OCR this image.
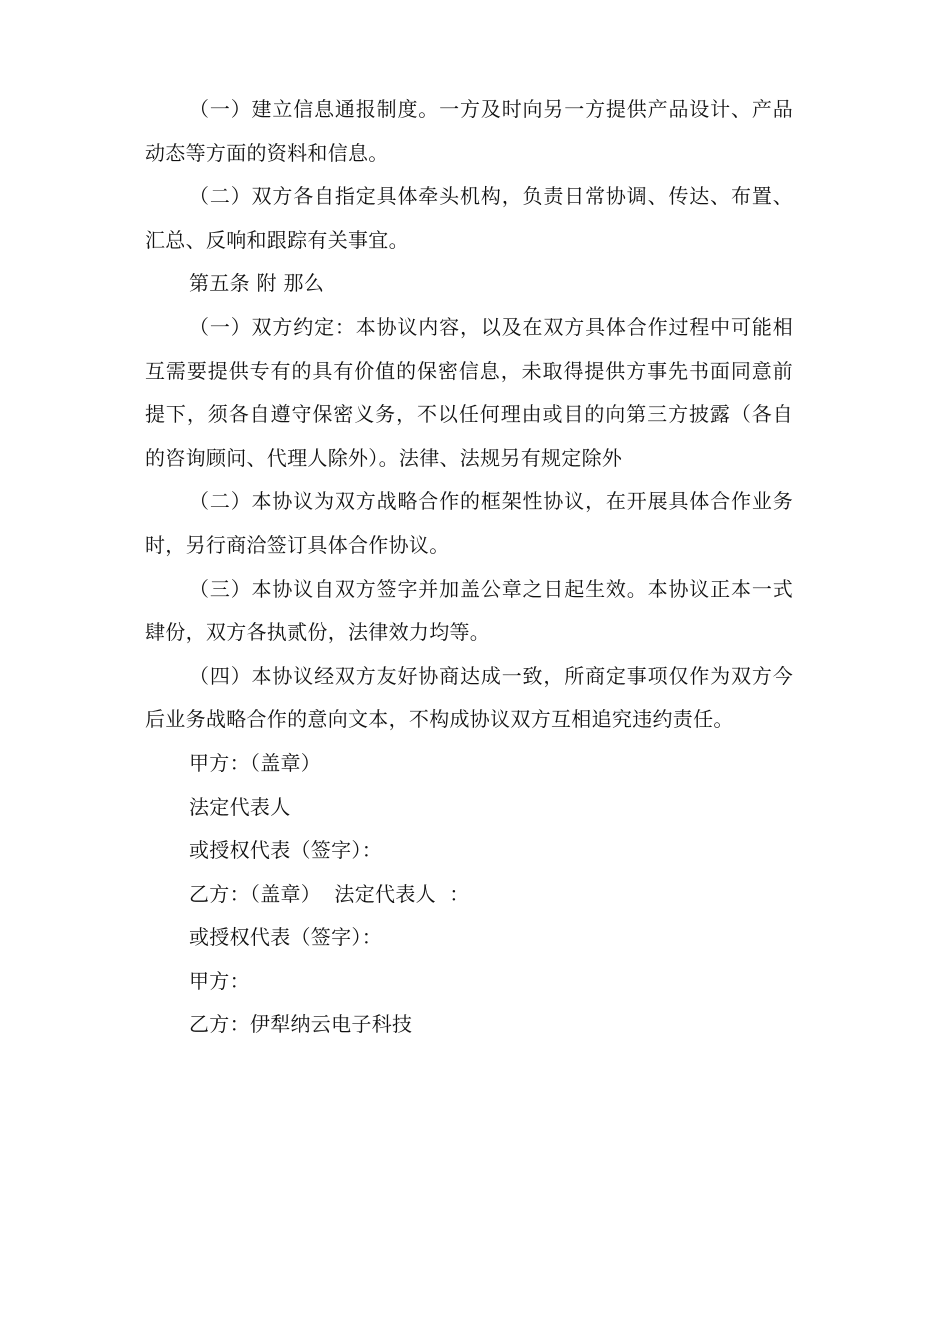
（一）建立信息通报制度。一方及时向另一方提供产品设计、产品动态等方面的资料和信息。

（二）双方各自指定具体牵头机构，负责日常协调、传达、布置、汇总、反响和跟踪有关事宜。

第五条 附 那么

（一）双方约定：本协议内容，以及在双方具体合作过程中可能相互需要提供专有的具有价值的保密信息，未取得提供方事先书面同意前提下，须各自遵守保密义务，不以任何理由或目的向第三方披露（各自的咨询顾问、代理人除外）。法律、法规另有规定除外

（二）本协议为双方战略合作的框架性协议，在开展具体合作业务时，另行商洽签订具体合作协议。

（三）本协议自双方签字并加盖公章之日起生效。本协议正本一式肆份，双方各执贰份，法律效力均等。

（四）本协议经双方友好协商达成一致，所商定事项仅作为双方今后业务战略合作的意向文本，不构成协议双方互相追究违约责任。

甲方：（盖章）

法定代表人

或授权代表（签字）：

乙方：（盖章）  法定代表人  ：

或授权代表（签字）：

甲方：

乙方：伊犁纳云电子科技
